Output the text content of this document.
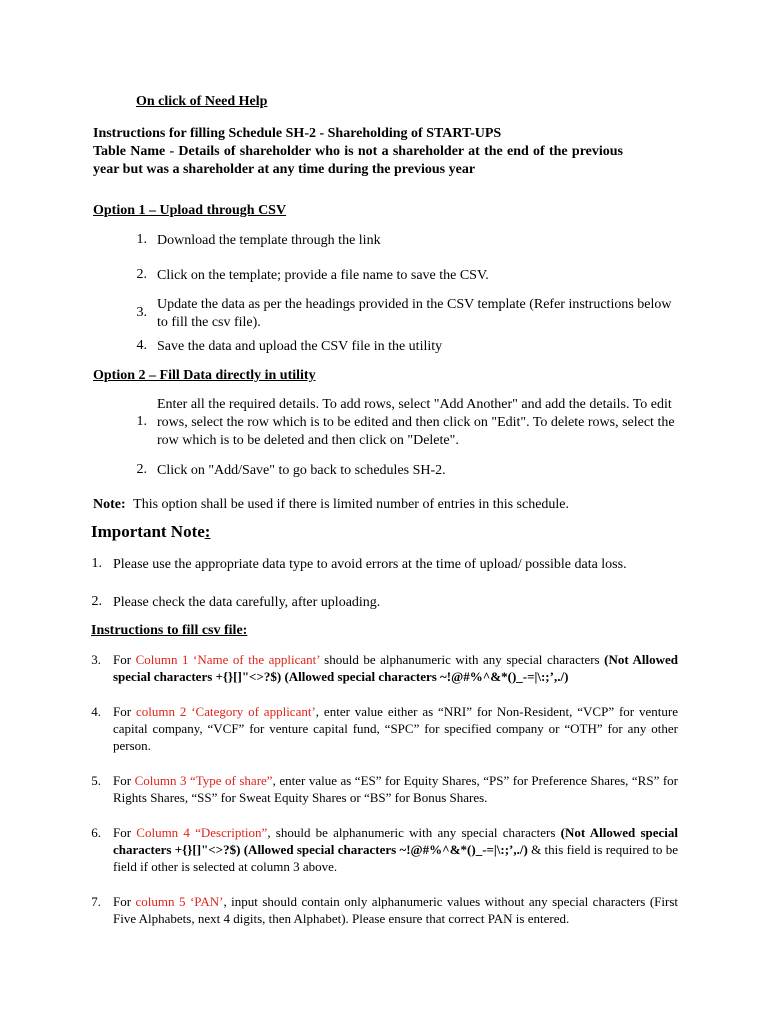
On click of Need Help
Instructions for filling Schedule SH-2 - Shareholding of START-UPS
Table Name - Details of shareholder who is not a shareholder at the end of the previous year but was a shareholder at any time during the previous year
Option 1 – Upload through CSV
1. Download the template through the link
2. Click on the template; provide a file name to save the CSV.
3.
Update the data as per the headings provided in the CSV template (Refer instructions below to fill the csv file).
4. Save the data and upload the CSV file in the utility
Option 2 – Fill Data directly in utility
1.
Enter all the required details. To add rows, select "Add Another" and add the details. To edit rows, select the row which is to be edited and then click on "Edit". To delete rows, select the row which is to be deleted and then click on "Delete".
2. Click on "Add/Save" to go back to schedules SH-2.
Note: This option shall be used if there is limited number of entries in this schedule.
Important Note:
1. Please use the appropriate data type to avoid errors at the time of upload/ possible data loss.
2. Please check the data carefully, after uploading.
Instructions to fill csv file:
3. For Column 1 ‘Name of the applicant’ should be alphanumeric with any special characters (Not Allowed special characters +{}[]"<>?$) (Allowed special characters ~!@#%^&*()_-=|\:;’,./)
4. For column 2 ‘Category of applicant’, enter value either as “NRI” for Non-Resident, “VCP” for venture capital company, “VCF” for venture capital fund, “SPC” for specified company or “OTH” for any other person.
5. For Column 3 “Type of share”, enter value as “ES” for Equity Shares, “PS” for Preference Shares, “RS” for Rights Shares, “SS” for Sweat Equity Shares or “BS” for Bonus Shares.
6. For Column 4 “Description”, should be alphanumeric with any special characters (Not Allowed special characters +{}[]"<>?$) (Allowed special characters ~!@#%^&*()_-=|\:;’,./) & this field is required to be field if other is selected at column 3 above.
7. For column 5 ‘PAN’, input should contain only alphanumeric values without any special characters (First Five Alphabets, next 4 digits, then Alphabet). Please ensure that correct PAN is entered.
